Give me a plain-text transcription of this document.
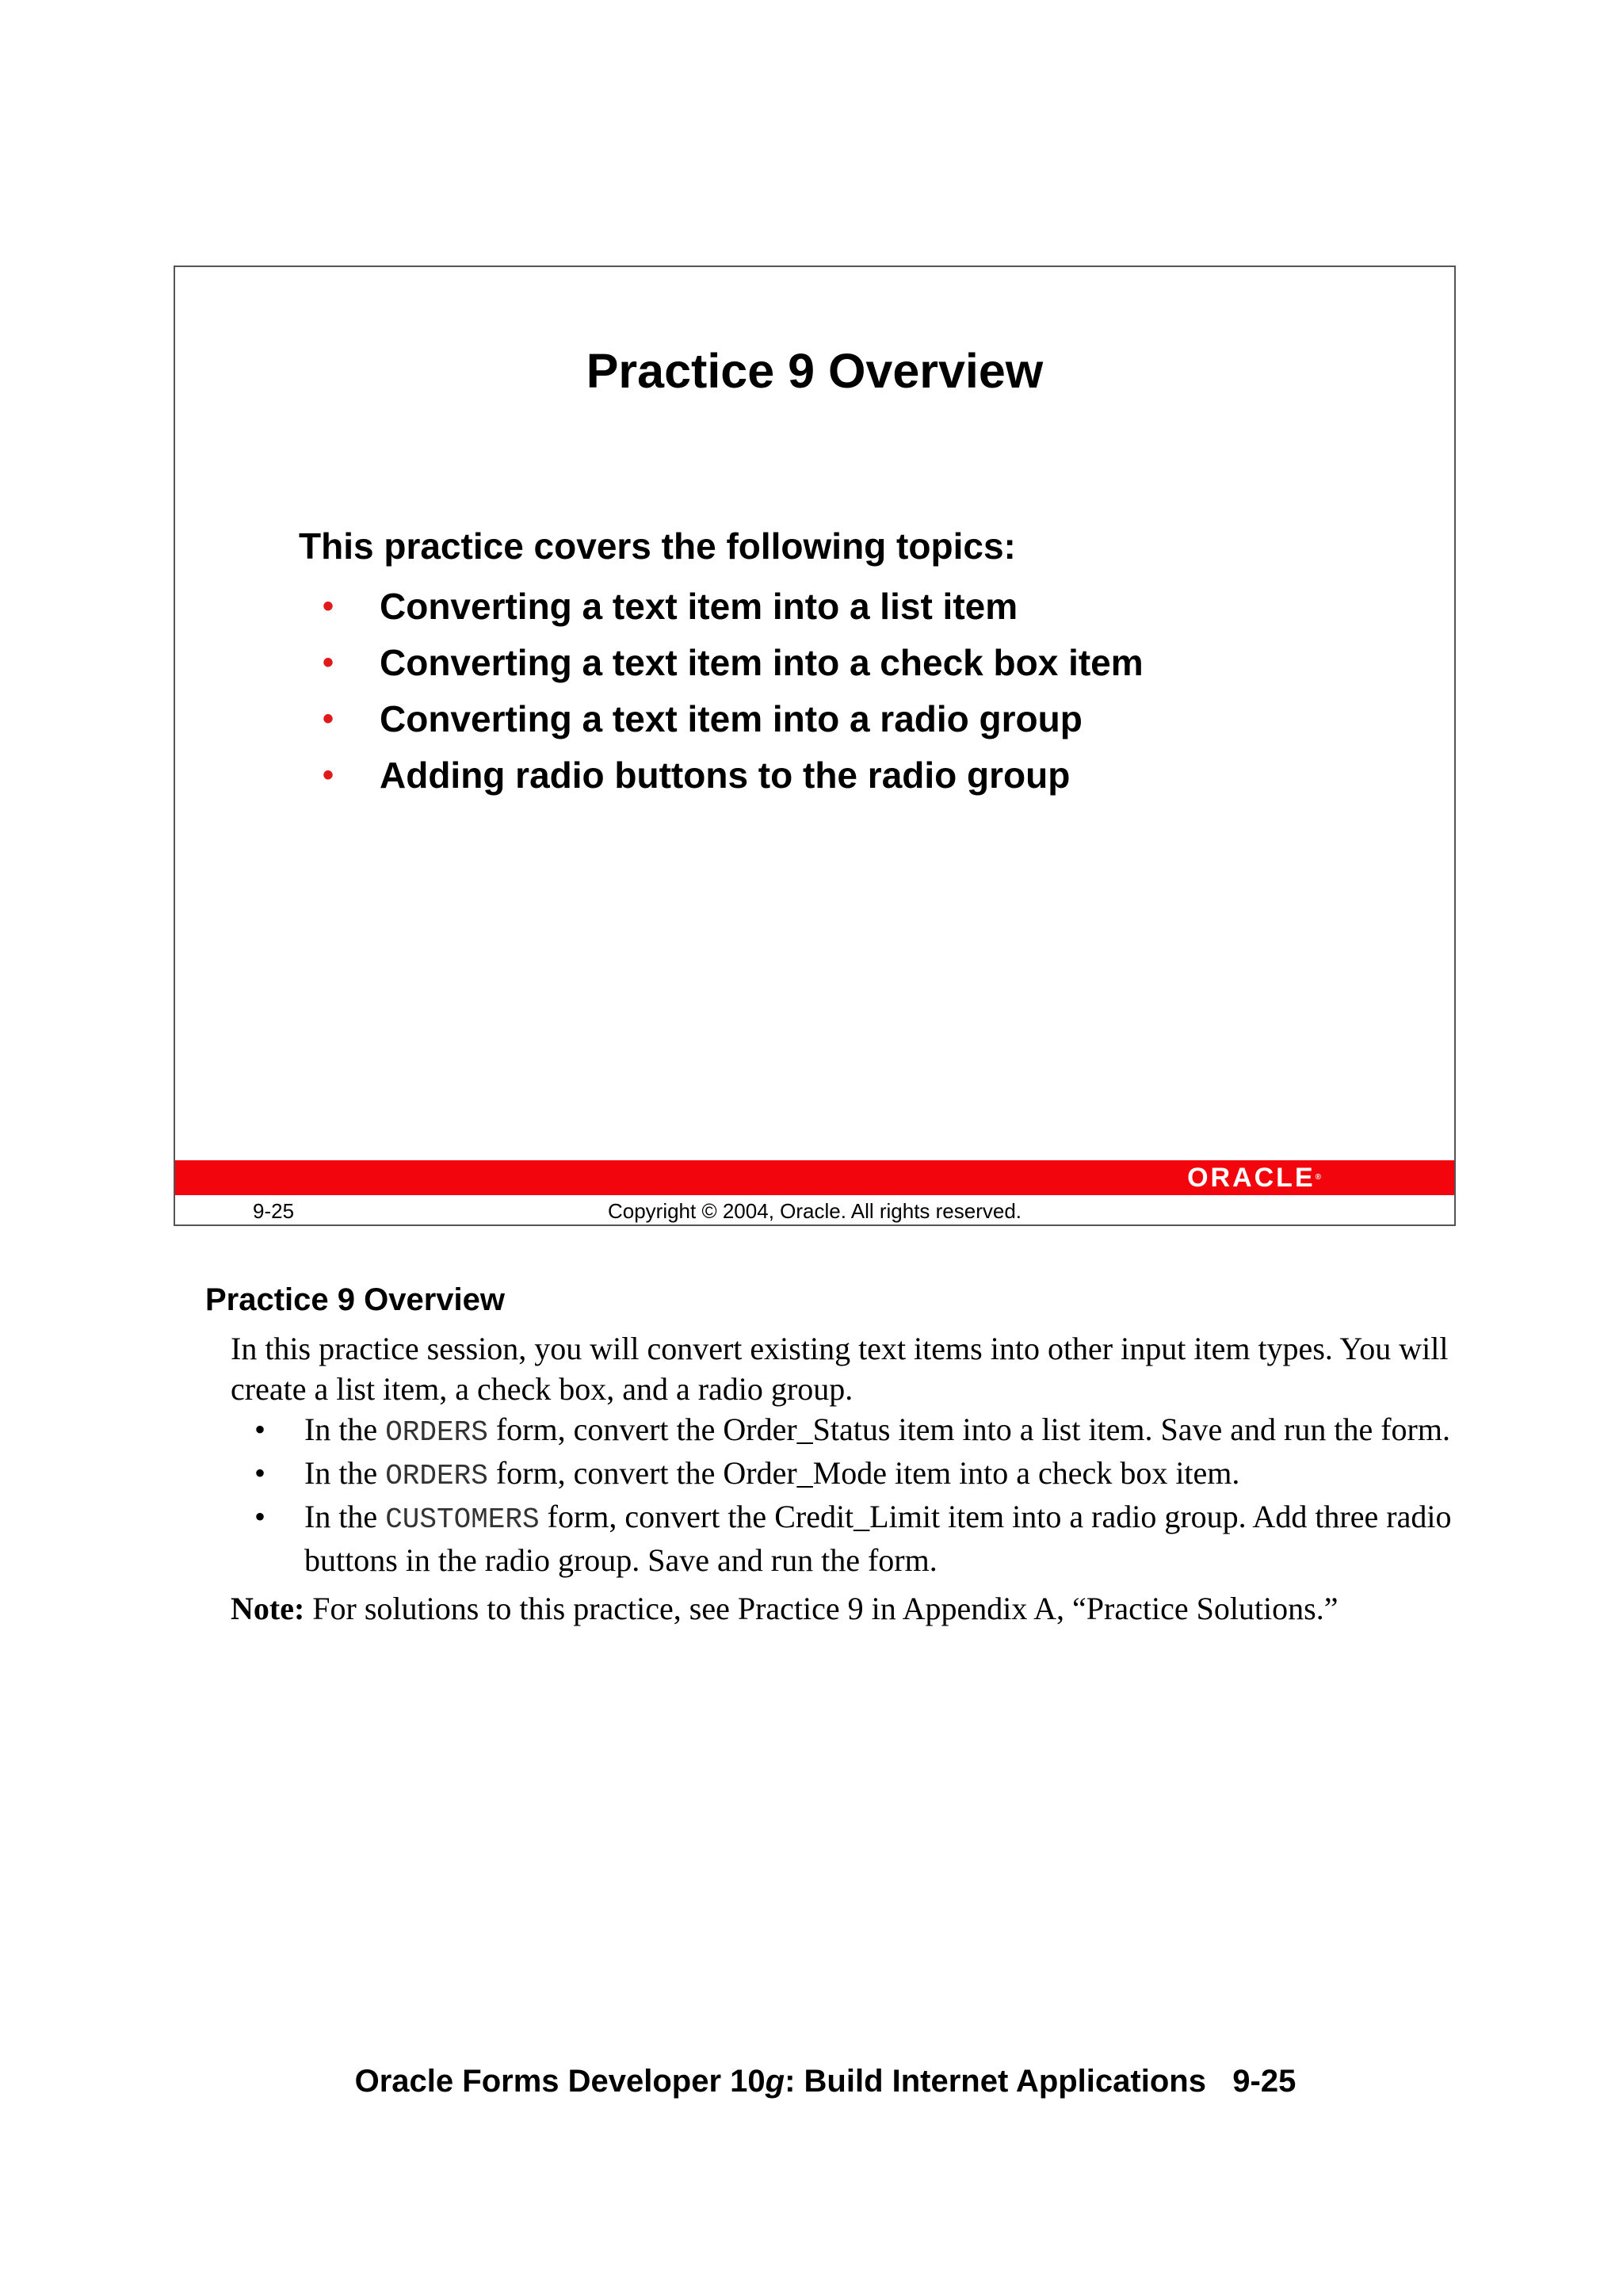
Practice 9 Overview
This practice covers the following topics:
• Converting a text item into a list item
• Converting a text item into a check box item
• Converting a text item into a radio group
• Adding radio buttons to the radio group
ORACLE®
9-25	Copyright © 2004, Oracle. All rights reserved.
Practice 9 Overview

In this practice session, you will convert existing text items into other input item types. You will create a list item, a check box, and a radio group.

• In the ORDERS form, convert the Order_Status item into a list item. Save and run the form.
• In the ORDERS form, convert the Order_Mode item into a check box item.
• In the CUSTOMERS form, convert the Credit_Limit item into a radio group. Add three radio buttons in the radio group. Save and run the form.

Note: For solutions to this practice, see Practice 9 in Appendix A, “Practice Solutions.”

Oracle Forms Developer 10g: Build Internet Applications 9-25
